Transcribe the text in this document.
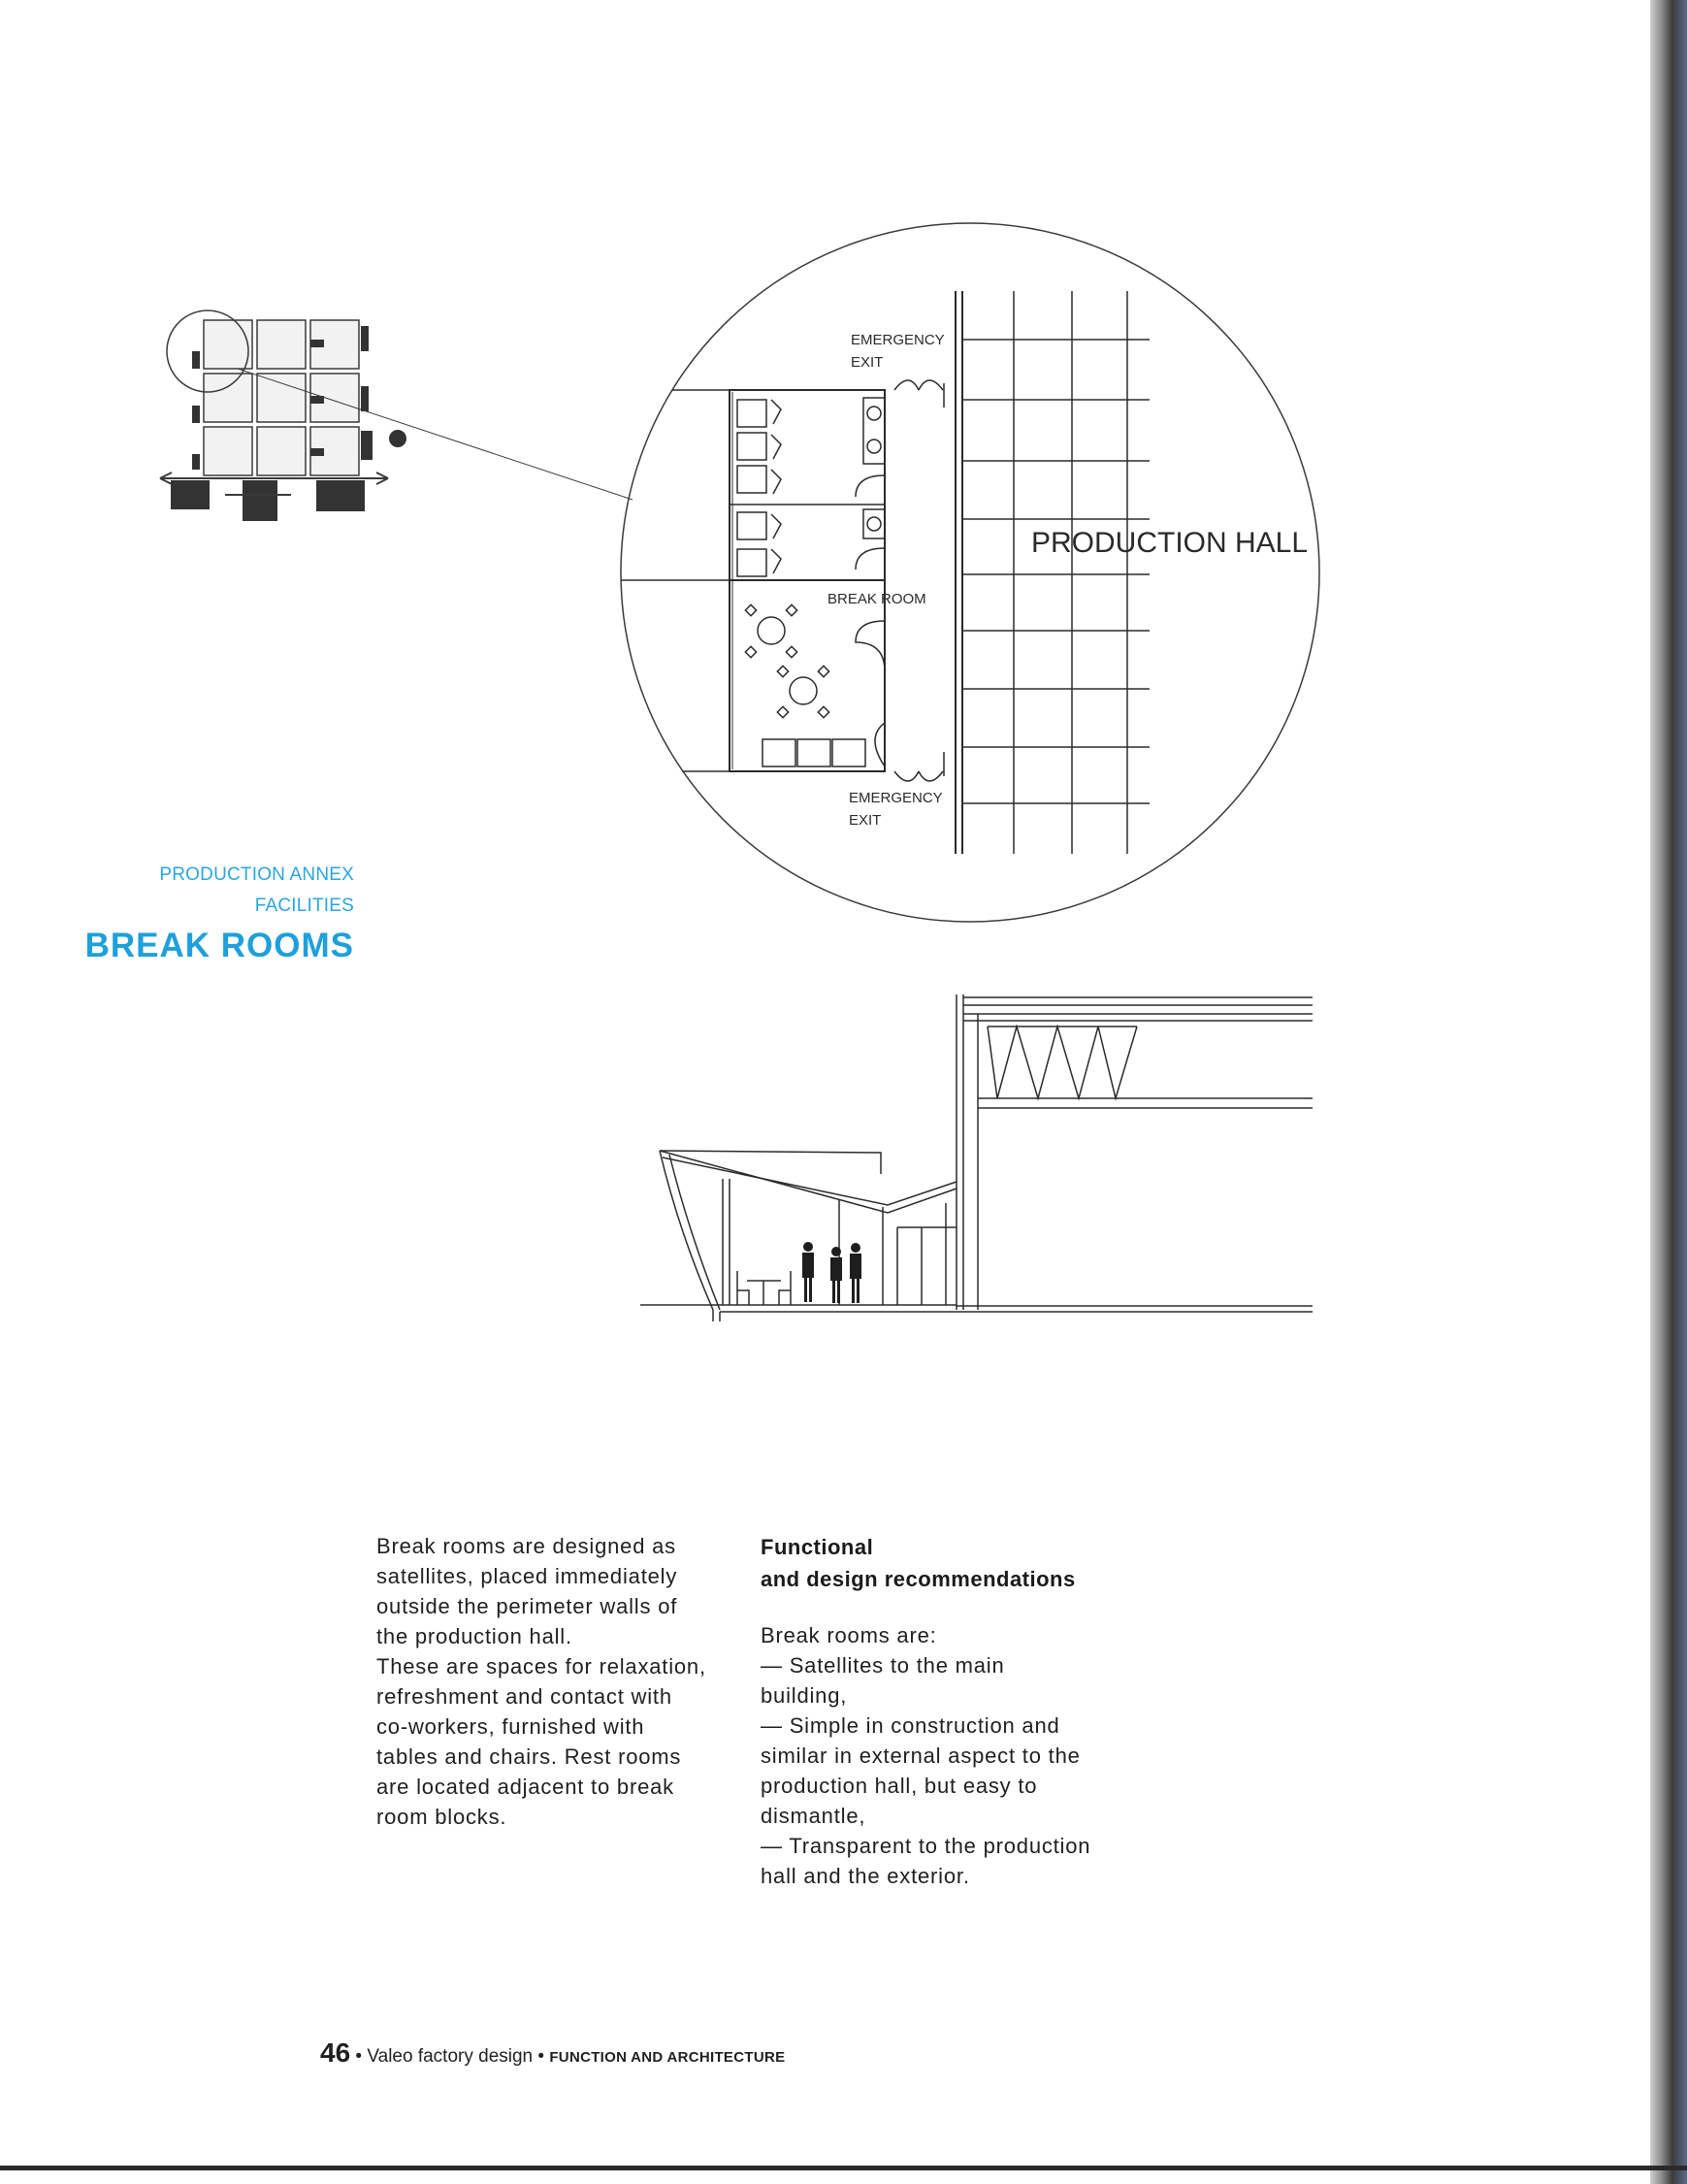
EMERGENCY
EXIT
BREAK ROOM
EMERGENCY
EXIT
PRODUCTION HALL
PRODUCTION ANNEX
FACILITIES
BREAK ROOMS
Break rooms are designed as
satellites, placed immediately
outside the perimeter walls of
the production hall.
These are spaces for relaxation,
refreshment and contact with
co-workers, furnished with
tables and chairs. Rest rooms
are located adjacent to break
room blocks.
Functional
and design recommendations
Break rooms are:
— Satellites to the main
building,
— Simple in construction and
similar in external aspect to the
production hall, but easy to
dismantle,
— Transparent to the production
hall and the exterior.
46 • Valeo factory design • FUNCTION AND ARCHITECTURE
